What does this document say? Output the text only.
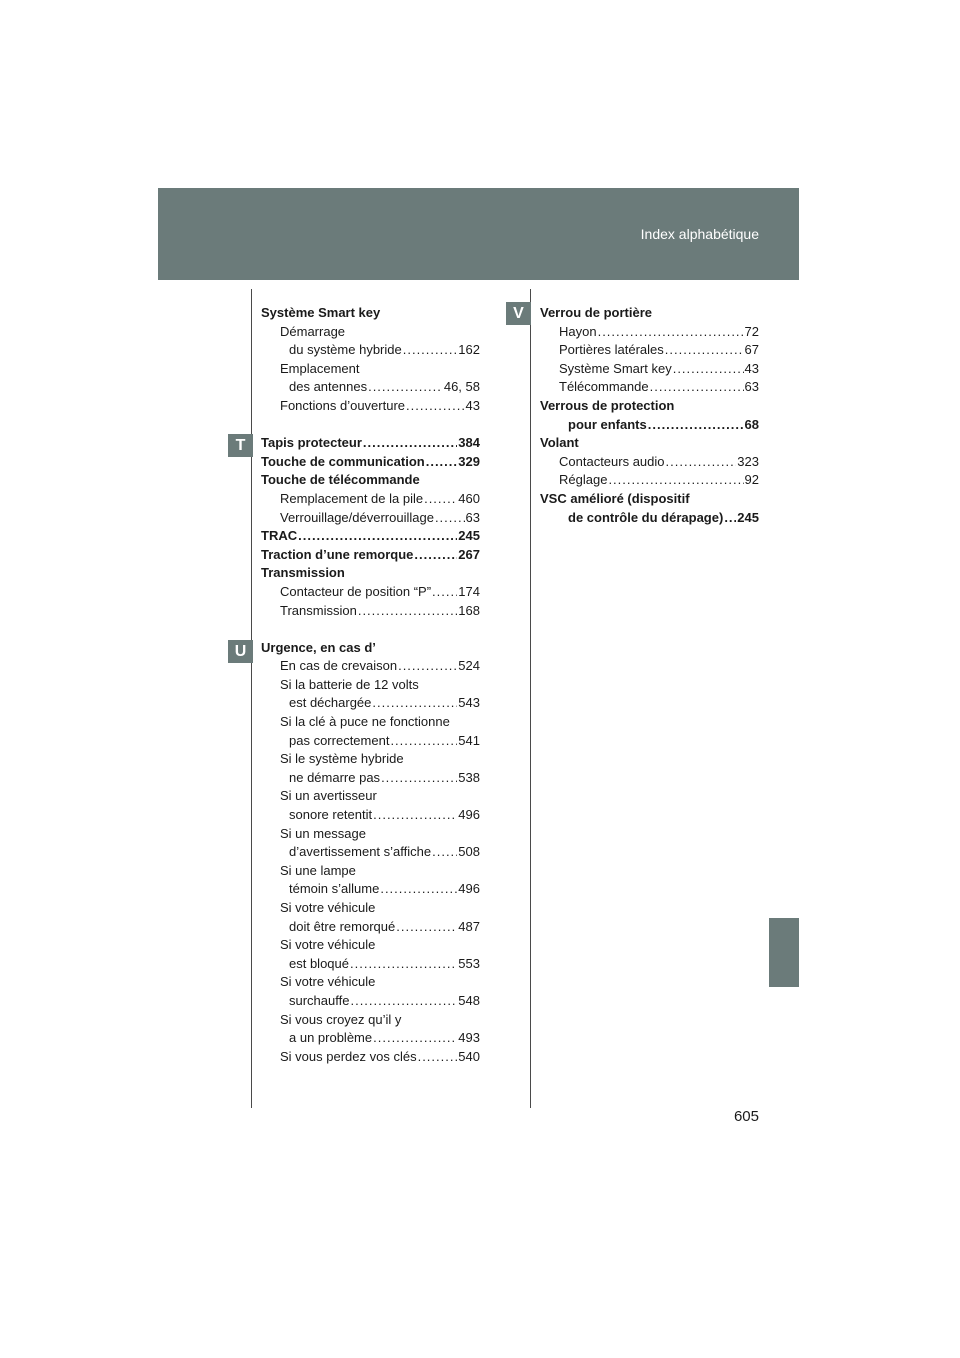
Index alphabétique
T
U
V
Système Smart key
Démarrage
du système hybride .....	162
Emplacement
des antennes .....	46, 58
Fonctions d’ouverture .....	43
Tapis protecteur .....	384
Touche de communication .....	329
Touche de télécommande
Remplacement de la pile .....	460
Verrouillage/déverrouillage ..... 63
TRAC .....	245
Traction d’une remorque .....	267
Transmission
Contacteur de position “P” ..... 174
Transmission .....	168
Urgence, en cas d’
En cas de crevaison .....	524
Si la batterie de 12 volts
est déchargée .....	543
Si la clé à puce ne fonctionne
pas correctement .....	541
Si le système hybride
ne démarre pas .....	538
Si un avertisseur
sonore retentit .....	496
Si un message
d’avertissement s’affiche ..... 508
Si une lampe
témoin s’allume .....	496
Si votre véhicule
doit être remorqué .....	487
Si votre véhicule
est bloqué .....	553
Si votre véhicule
surchauffe .....	548
Si vous croyez qu’il y
a un problème .....	493
Si vous perdez vos clés .....	540
Verrou de portière
Hayon .....	72
Portières latérales .....	67
Système Smart key .....	43
Télécommande .....	63
Verrous de protection
pour enfants .....	68
Volant
Contacteurs audio .....	323
Réglage .....	92
VSC amélioré (dispositif
de contrôle du dérapage) ..... 245
605
